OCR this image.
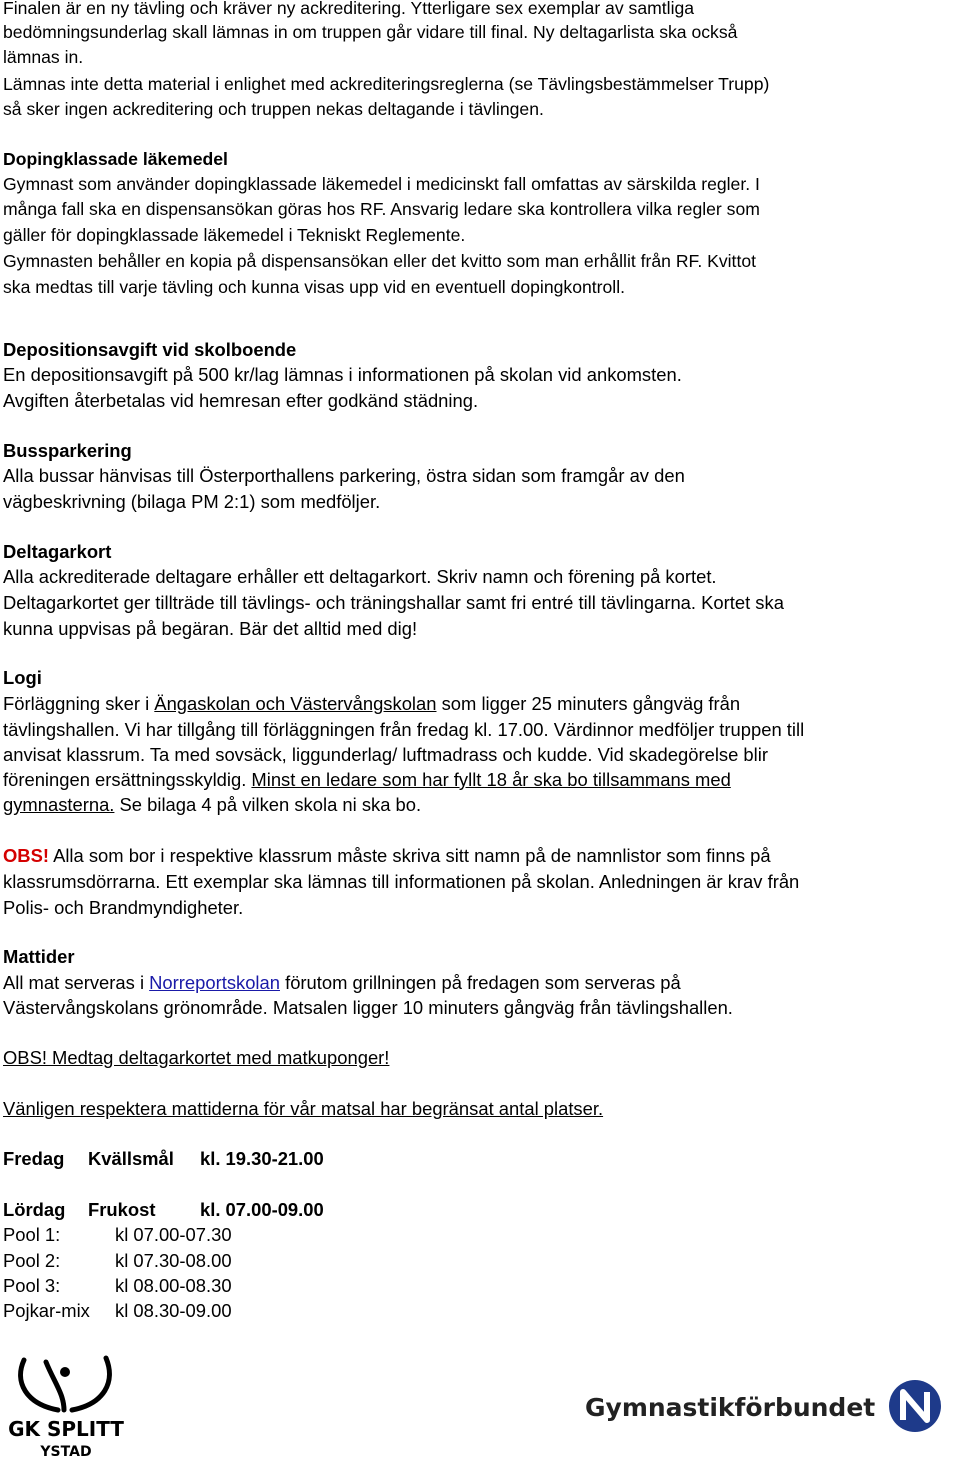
Finalen är en ny tävling och kräver ny ackreditering. Ytterligare sex exemplar av samtliga

bedömningsunderlag skall lämnas in om truppen går vidare till final. Ny deltagarlista ska också

lämnas in.

Lämnas inte detta material i enlighet med ackrediteringsreglerna (se Tävlingsbestämmelser Trupp)

så sker ingen ackreditering och truppen nekas deltagande i tävlingen.

Dopingklassade läkemedel

Gymnast som använder dopingklassade läkemedel i medicinskt fall omfattas av särskilda regler. I

många fall ska en dispensansökan göras hos RF. Ansvarig ledare ska kontrollera vilka regler som

gäller för dopingklassade läkemedel i Tekniskt Reglemente.

Gymnasten behåller en kopia på dispensansökan eller det kvitto som man erhållit från RF. Kvittot

ska medtas till varje tävling och kunna visas upp vid en eventuell dopingkontroll.

Depositionsavgift vid skolboende

En depositionsavgift på 500 kr/lag lämnas i informationen på skolan vid ankomsten.

Avgiften återbetalas vid hemresan efter godkänd städning.

Bussparkering

Alla bussar hänvisas till Österporthallens parkering, östra sidan som framgår av den

vägbeskrivning (bilaga PM 2:1) som medföljer.

Deltagarkort

Alla ackrediterade deltagare erhåller ett deltagarkort. Skriv namn och förening på kortet.

Deltagarkortet ger tillträde till tävlings- och träningshallar samt fri entré till tävlingarna. Kortet ska

kunna uppvisas på begäran. Bär det alltid med dig!

Logi

Förläggning sker i Ängaskolan och Västervångskolan som ligger 25 minuters gångväg från

tävlingshallen. Vi har tillgång till förläggningen från fredag kl. 17.00. Värdinnor medföljer truppen till

anvisat klassrum. Ta med sovsäck, liggunderlag/ luftmadrass och kudde. Vid skadegörelse blir

föreningen ersättningsskyldig. Minst en ledare som har fyllt 18 år ska bo tillsammans med

gymnasterna. Se bilaga 4 på vilken skola ni ska bo.

OBS! Alla som bor i respektive klassrum måste skriva sitt namn på de namnlistor som finns på

klassrumsdörrarna. Ett exemplar ska lämnas till informationen på skolan. Anledningen är krav från

Polis- och Brandmyndigheter.

Mattider

All mat serveras i Norreportskolan förutom grillningen på fredagen som serveras på

Västervångskolans grönområde. Matsalen ligger 10 minuters gångväg från tävlingshallen.

OBS! Medtag deltagarkortet med matkuponger!

Vänligen respektera mattiderna för vår matsal har begränsat antal platser.

Fredag Kvällsmål kl. 19.30-21.00
Lördag Frukost kl. 07.00-09.00
Pool 1:	kl 07.00-07.30
Pool 2:	kl 07.30-08.00
Pool 3:	kl 08.00-08.30
Pojkar-mix kl 08.30-09.00
GK SPLITT
YSTAD
Gymnastikförbundet
